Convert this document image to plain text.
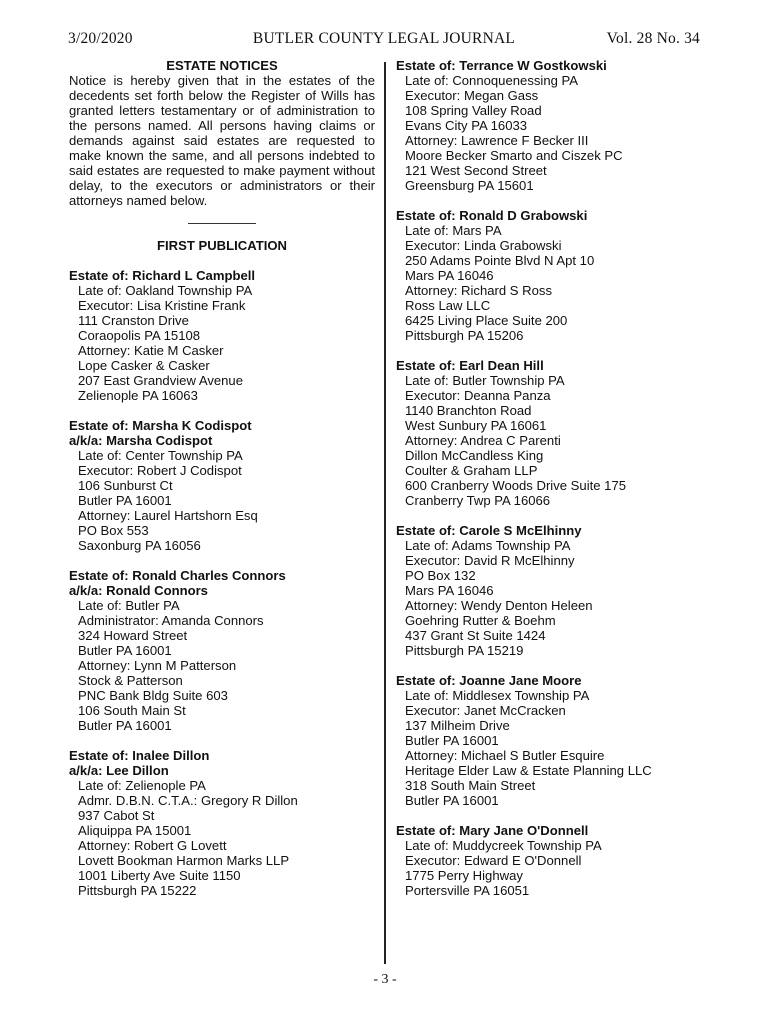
3/20/2020	BUTLER COUNTY LEGAL JOURNAL	Vol. 28 No. 34

ESTATE NOTICES

Notice is hereby given that in the estates of the decedents set forth below the Register of Wills has granted letters testamentary or of administration to the persons named. All persons having claims or demands against said estates are requested to make known the same, and all persons indebted to said estates are requested to make payment without delay, to the executors or administrators or their attorneys named below.

FIRST PUBLICATION

Estate of: Richard L Campbell
Late of: Oakland Township PA
Executor: Lisa Kristine Frank
111 Cranston Drive
Coraopolis PA 15108
Attorney: Katie M Casker
Lope Casker & Casker
207 East Grandview Avenue
Zelienople PA 16063
Estate of: Marsha K Codispot
a/k/a: Marsha Codispot
Late of: Center Township PA
Executor: Robert J Codispot
106 Sunburst Ct
Butler PA 16001
Attorney: Laurel Hartshorn Esq
PO Box 553
Saxonburg PA 16056
Estate of: Ronald Charles Connors
a/k/a: Ronald Connors
Late of: Butler PA
Administrator: Amanda Connors
324 Howard Street
Butler PA 16001
Attorney: Lynn M Patterson
Stock & Patterson
PNC Bank Bldg Suite 603
106 South Main St
Butler PA 16001
Estate of: Inalee Dillon
a/k/a: Lee Dillon
Late of: Zelienople PA
Admr. D.B.N. C.T.A.: Gregory R Dillon
937 Cabot St
Aliquippa PA 15001
Attorney: Robert G Lovett
Lovett Bookman Harmon Marks LLP
1001 Liberty Ave Suite 1150
Pittsburgh PA 15222
Estate of: Terrance W Gostkowski
Late of: Connoquenessing PA
Executor: Megan Gass
108 Spring Valley Road
Evans City PA 16033
Attorney: Lawrence F Becker III
Moore Becker Smarto and Ciszek PC
121 West Second Street
Greensburg PA 15601
Estate of: Ronald D Grabowski
Late of: Mars PA
Executor: Linda Grabowski
250 Adams Pointe Blvd N Apt 10
Mars PA 16046
Attorney: Richard S Ross
Ross Law LLC
6425 Living Place Suite 200
Pittsburgh PA 15206
Estate of: Earl Dean Hill
Late of: Butler Township PA
Executor: Deanna Panza
1140 Branchton Road
West Sunbury PA 16061
Attorney: Andrea C Parenti
Dillon McCandless King
Coulter & Graham LLP
600 Cranberry Woods Drive Suite 175
Cranberry Twp PA 16066
Estate of: Carole S McElhinny
Late of: Adams Township PA
Executor: David R McElhinny
PO Box 132
Mars PA 16046
Attorney: Wendy Denton Heleen
Goehring Rutter & Boehm
437 Grant St Suite 1424
Pittsburgh PA 15219
Estate of: Joanne Jane Moore
Late of: Middlesex Township PA
Executor: Janet McCracken
137 Milheim Drive
Butler PA 16001
Attorney: Michael S Butler Esquire
Heritage Elder Law & Estate Planning LLC
318 South Main Street
Butler PA 16001
Estate of: Mary Jane O'Donnell
Late of: Muddycreek Township PA
Executor: Edward E O'Donnell
1775 Perry Highway
Portersville PA 16051
- 3 -
